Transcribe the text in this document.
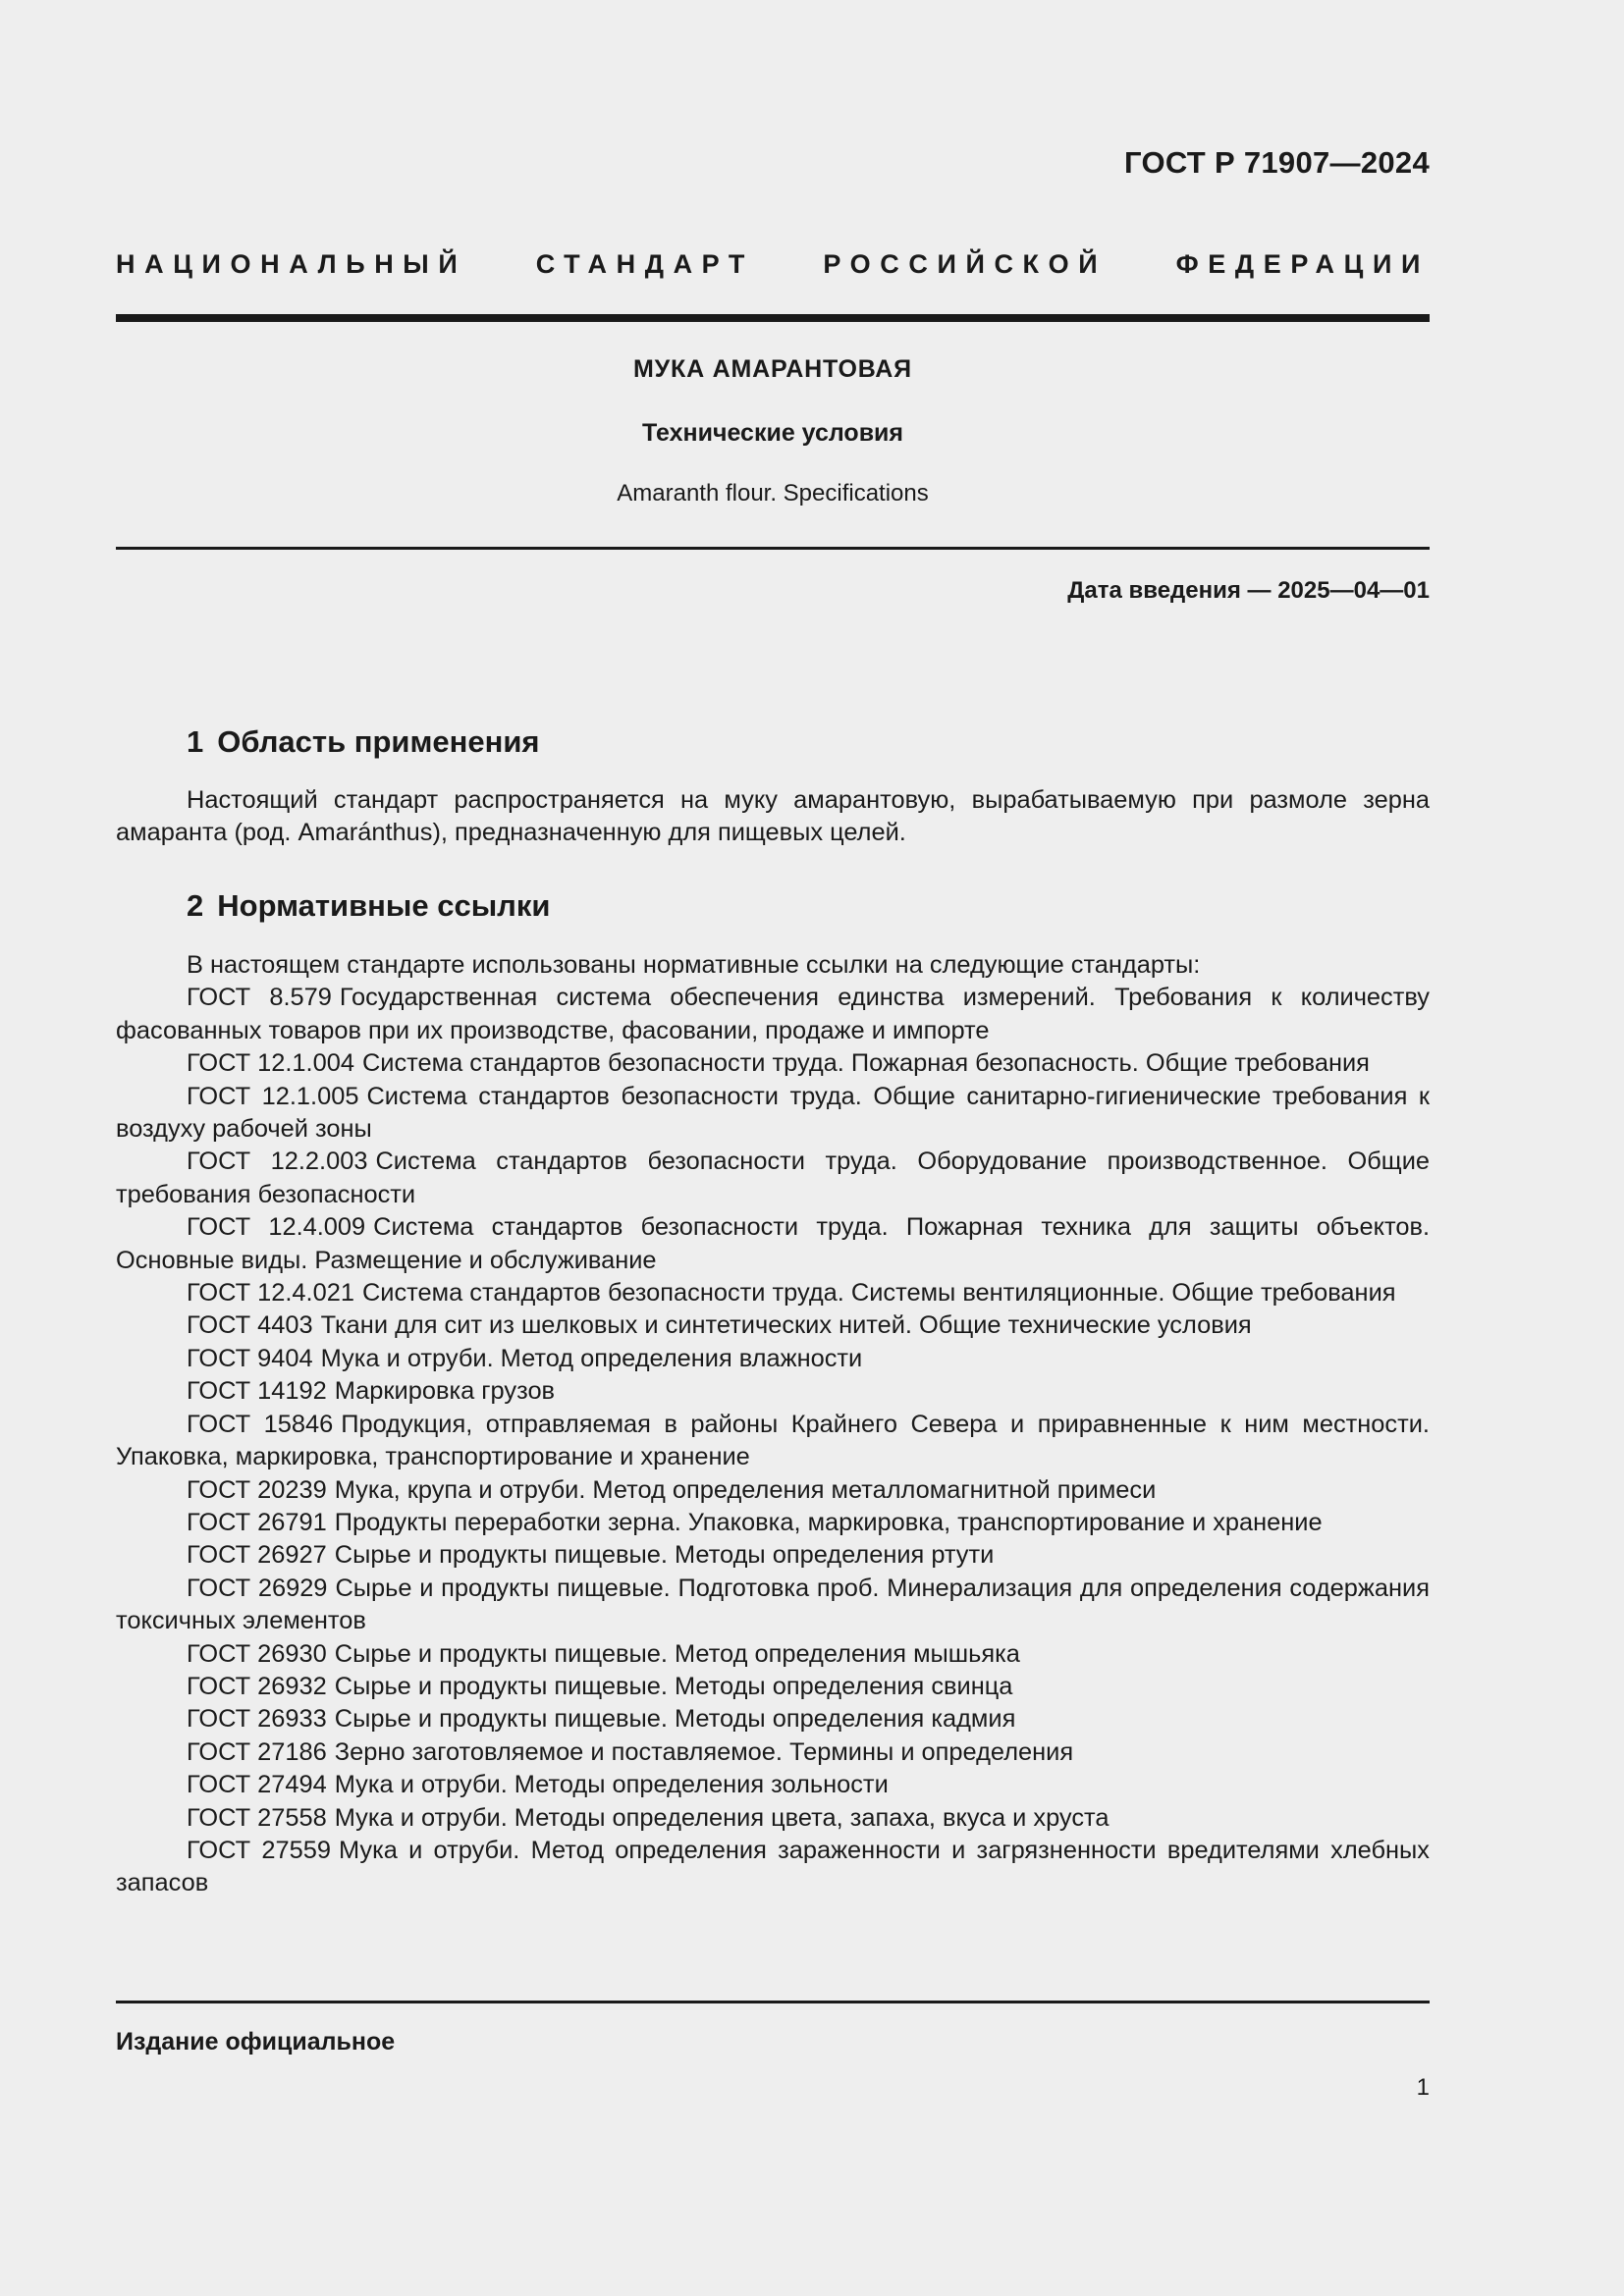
ГОСТ Р 71907—2024
НАЦИОНАЛЬНЫЙ СТАНДАРТ РОССИЙСКОЙ ФЕДЕРАЦИИ
МУКА АМАРАНТОВАЯ
Технические условия
Amaranth flour. Specifications
Дата введения — 2025—04—01
1 Область применения

Настоящий стандарт распространяется на муку амарантовую, вырабатываемую при размоле зерна амаранта (род. Amaránthus), предназначенную для пищевых целей.

2 Нормативные ссылки

В настоящем стандарте использованы нормативные ссылки на следующие стандарты:

ГОСТ 8.579 Государственная система обеспечения единства измерений. Требования к количеству фасованных товаров при их производстве, фасовании, продаже и импорте

ГОСТ 12.1.004 Система стандартов безопасности труда. Пожарная безопасность. Общие требования

ГОСТ 12.1.005 Система стандартов безопасности труда. Общие санитарно-гигиенические требования к воздуху рабочей зоны

ГОСТ 12.2.003 Система стандартов безопасности труда. Оборудование производственное. Общие требования безопасности

ГОСТ 12.4.009 Система стандартов безопасности труда. Пожарная техника для защиты объектов. Основные виды. Размещение и обслуживание

ГОСТ 12.4.021 Система стандартов безопасности труда. Системы вентиляционные. Общие требования

ГОСТ 4403 Ткани для сит из шелковых и синтетических нитей. Общие технические условия

ГОСТ 9404 Мука и отруби. Метод определения влажности

ГОСТ 14192 Маркировка грузов

ГОСТ 15846 Продукция, отправляемая в районы Крайнего Севера и приравненные к ним местности. Упаковка, маркировка, транспортирование и хранение

ГОСТ 20239 Мука, крупа и отруби. Метод определения металломагнитной примеси

ГОСТ 26791 Продукты переработки зерна. Упаковка, маркировка, транспортирование и хранение

ГОСТ 26927 Сырье и продукты пищевые. Методы определения ртути

ГОСТ 26929 Сырье и продукты пищевые. Подготовка проб. Минерализация для определения содержания токсичных элементов

ГОСТ 26930 Сырье и продукты пищевые. Метод определения мышьяка

ГОСТ 26932 Сырье и продукты пищевые. Методы определения свинца

ГОСТ 26933 Сырье и продукты пищевые. Методы определения кадмия

ГОСТ 27186 Зерно заготовляемое и поставляемое. Термины и определения

ГОСТ 27494 Мука и отруби. Методы определения зольности

ГОСТ 27558 Мука и отруби. Методы определения цвета, запаха, вкуса и хруста

ГОСТ 27559 Мука и отруби. Метод определения зараженности и загрязненности вредителями хлебных запасов

Издание официальное
1
